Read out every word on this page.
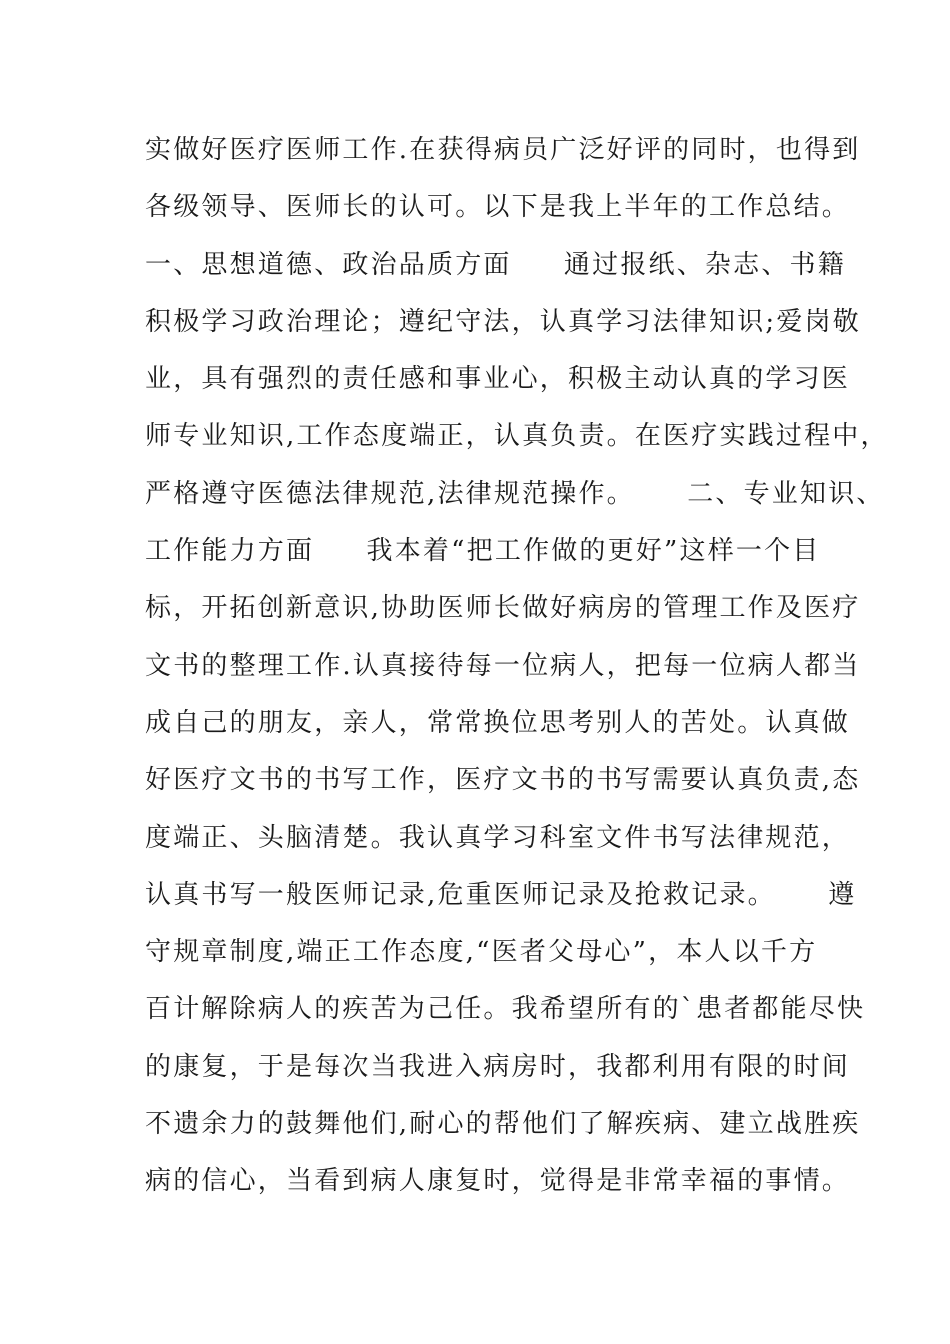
实做好医疗医师工作.在获得病员广泛好评的同时，也得到
各级领导、医师长的认可。以下是我上半年的工作总结。
一、思想道德、政治品质方面     通过报纸、杂志、书籍
积极学习政治理论；遵纪守法，认真学习法律知识;爱岗敬
业，具有强烈的责任感和事业心，积极主动认真的学习医
师专业知识,工作态度端正，认真负责。在医疗实践过程中，
严格遵守医德法律规范,法律规范操作。     二、专业知识、
工作能力方面     我本着“把工作做的更好”这样一个目
标，开拓创新意识,协助医师长做好病房的管理工作及医疗
文书的整理工作.认真接待每一位病人，把每一位病人都当
成自己的朋友，亲人，常常换位思考别人的苦处。认真做
好医疗文书的书写工作，医疗文书的书写需要认真负责,态
度端正、头脑清楚。我认真学习科室文件书写法律规范，
认真书写一般医师记录,危重医师记录及抢救记录。     遵
守规章制度,端正工作态度,“医者父母心”，本人以千方
百计解除病人的疾苦为己任。我希望所有的`患者都能尽快
的康复，于是每次当我进入病房时，我都利用有限的时间
不遗余力的鼓舞他们,耐心的帮他们了解疾病、建立战胜疾
病的信心，当看到病人康复时，觉得是非常幸福的事情。
